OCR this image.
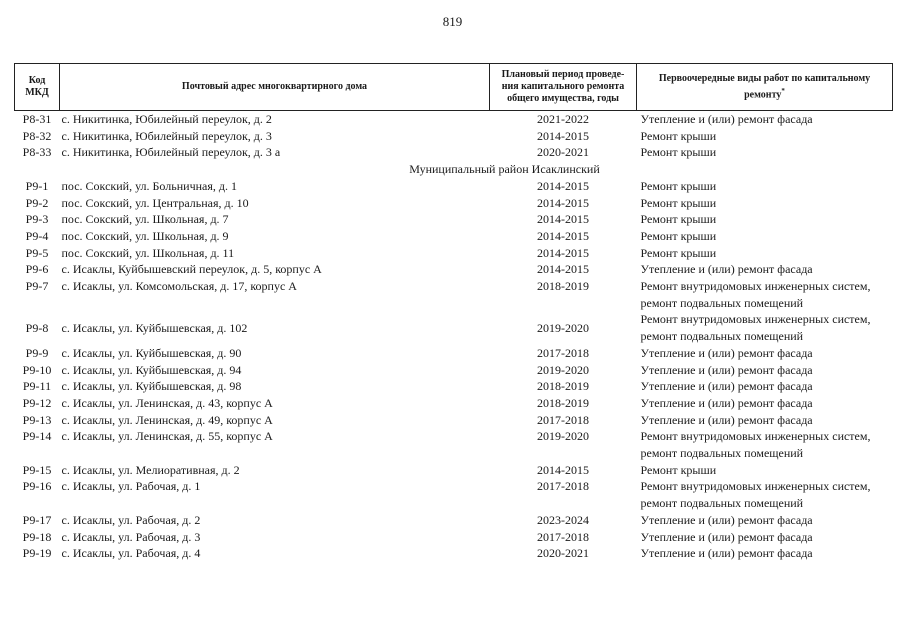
819
Код МКД	Почтовый адрес многоквартирного дома	Плановый период проведе-
ния капитального ремонта
общего имущества, годы	Первоочередные виды работ по капитальному
ремонту*
Р8-31	с. Никитинка, Юбилейный переулок, д. 2	2021-2022	Утепление и (или) ремонт фасада

Р8-32	с. Никитинка, Юбилейный переулок, д. 3	2014-2015	Ремонт крыши

Р8-33	с. Никитинка, Юбилейный переулок, д. 3 а	2020-2021	Ремонт крыши

Муниципальный район Исаклинский			
Р9-1	пос. Сокский, ул. Больничная, д. 1	2014-2015	Ремонт крыши

Р9-2	пос. Сокский, ул. Центральная, д. 10	2014-2015	Ремонт крыши

Р9-3	пос. Сокский, ул. Школьная, д. 7	2014-2015	Ремонт крыши

Р9-4	пос. Сокский, ул. Школьная, д. 9	2014-2015	Ремонт крыши

Р9-5	пос. Сокский, ул. Школьная, д. 11	2014-2015	Ремонт крыши

Р9-6	с. Исаклы, Куйбышевский переулок, д. 5, корпус А	2014-2015	Утепление и (или) ремонт фасада

Р9-7	с. Исаклы, ул. Комсомольская, д. 17, корпус А	2018-2019	Ремонт внутридомовых инженерных систем,
ремонт подвальных помещений

Р9-8	с. Исаклы, ул. Куйбышевская, д. 102	2019-2020	Ремонт внутридомовых инженерных систем,
ремонт подвальных помещений

Р9-9	с. Исаклы, ул. Куйбышевская, д. 90	2017-2018	Утепление и (или) ремонт фасада

Р9-10	с. Исаклы, ул. Куйбышевская, д. 94	2019-2020	Утепление и (или) ремонт фасада

Р9-11	с. Исаклы, ул. Куйбышевская, д. 98	2018-2019	Утепление и (или) ремонт фасада

Р9-12	с. Исаклы, ул. Ленинская, д. 43, корпус А	2018-2019	Утепление и (или) ремонт фасада

Р9-13	с. Исаклы, ул. Ленинская, д. 49, корпус А	2017-2018	Утепление и (или) ремонт фасада

Р9-14	с. Исаклы, ул. Ленинская, д. 55, корпус А	2019-2020	Ремонт внутридомовых инженерных систем,
ремонт подвальных помещений

Р9-15	с. Исаклы, ул. Мелиоративная, д. 2	2014-2015	Ремонт крыши

Р9-16	с. Исаклы, ул. Рабочая, д. 1	2017-2018	Ремонт внутридомовых инженерных систем,
ремонт подвальных помещений

Р9-17	с. Исаклы, ул. Рабочая, д. 2	2023-2024	Утепление и (или) ремонт фасада

Р9-18	с. Исаклы, ул. Рабочая, д. 3	2017-2018	Утепление и (или) ремонт фасада

Р9-19	с. Исаклы, ул. Рабочая, д. 4	2020-2021	Утепление и (или) ремонт фасада
